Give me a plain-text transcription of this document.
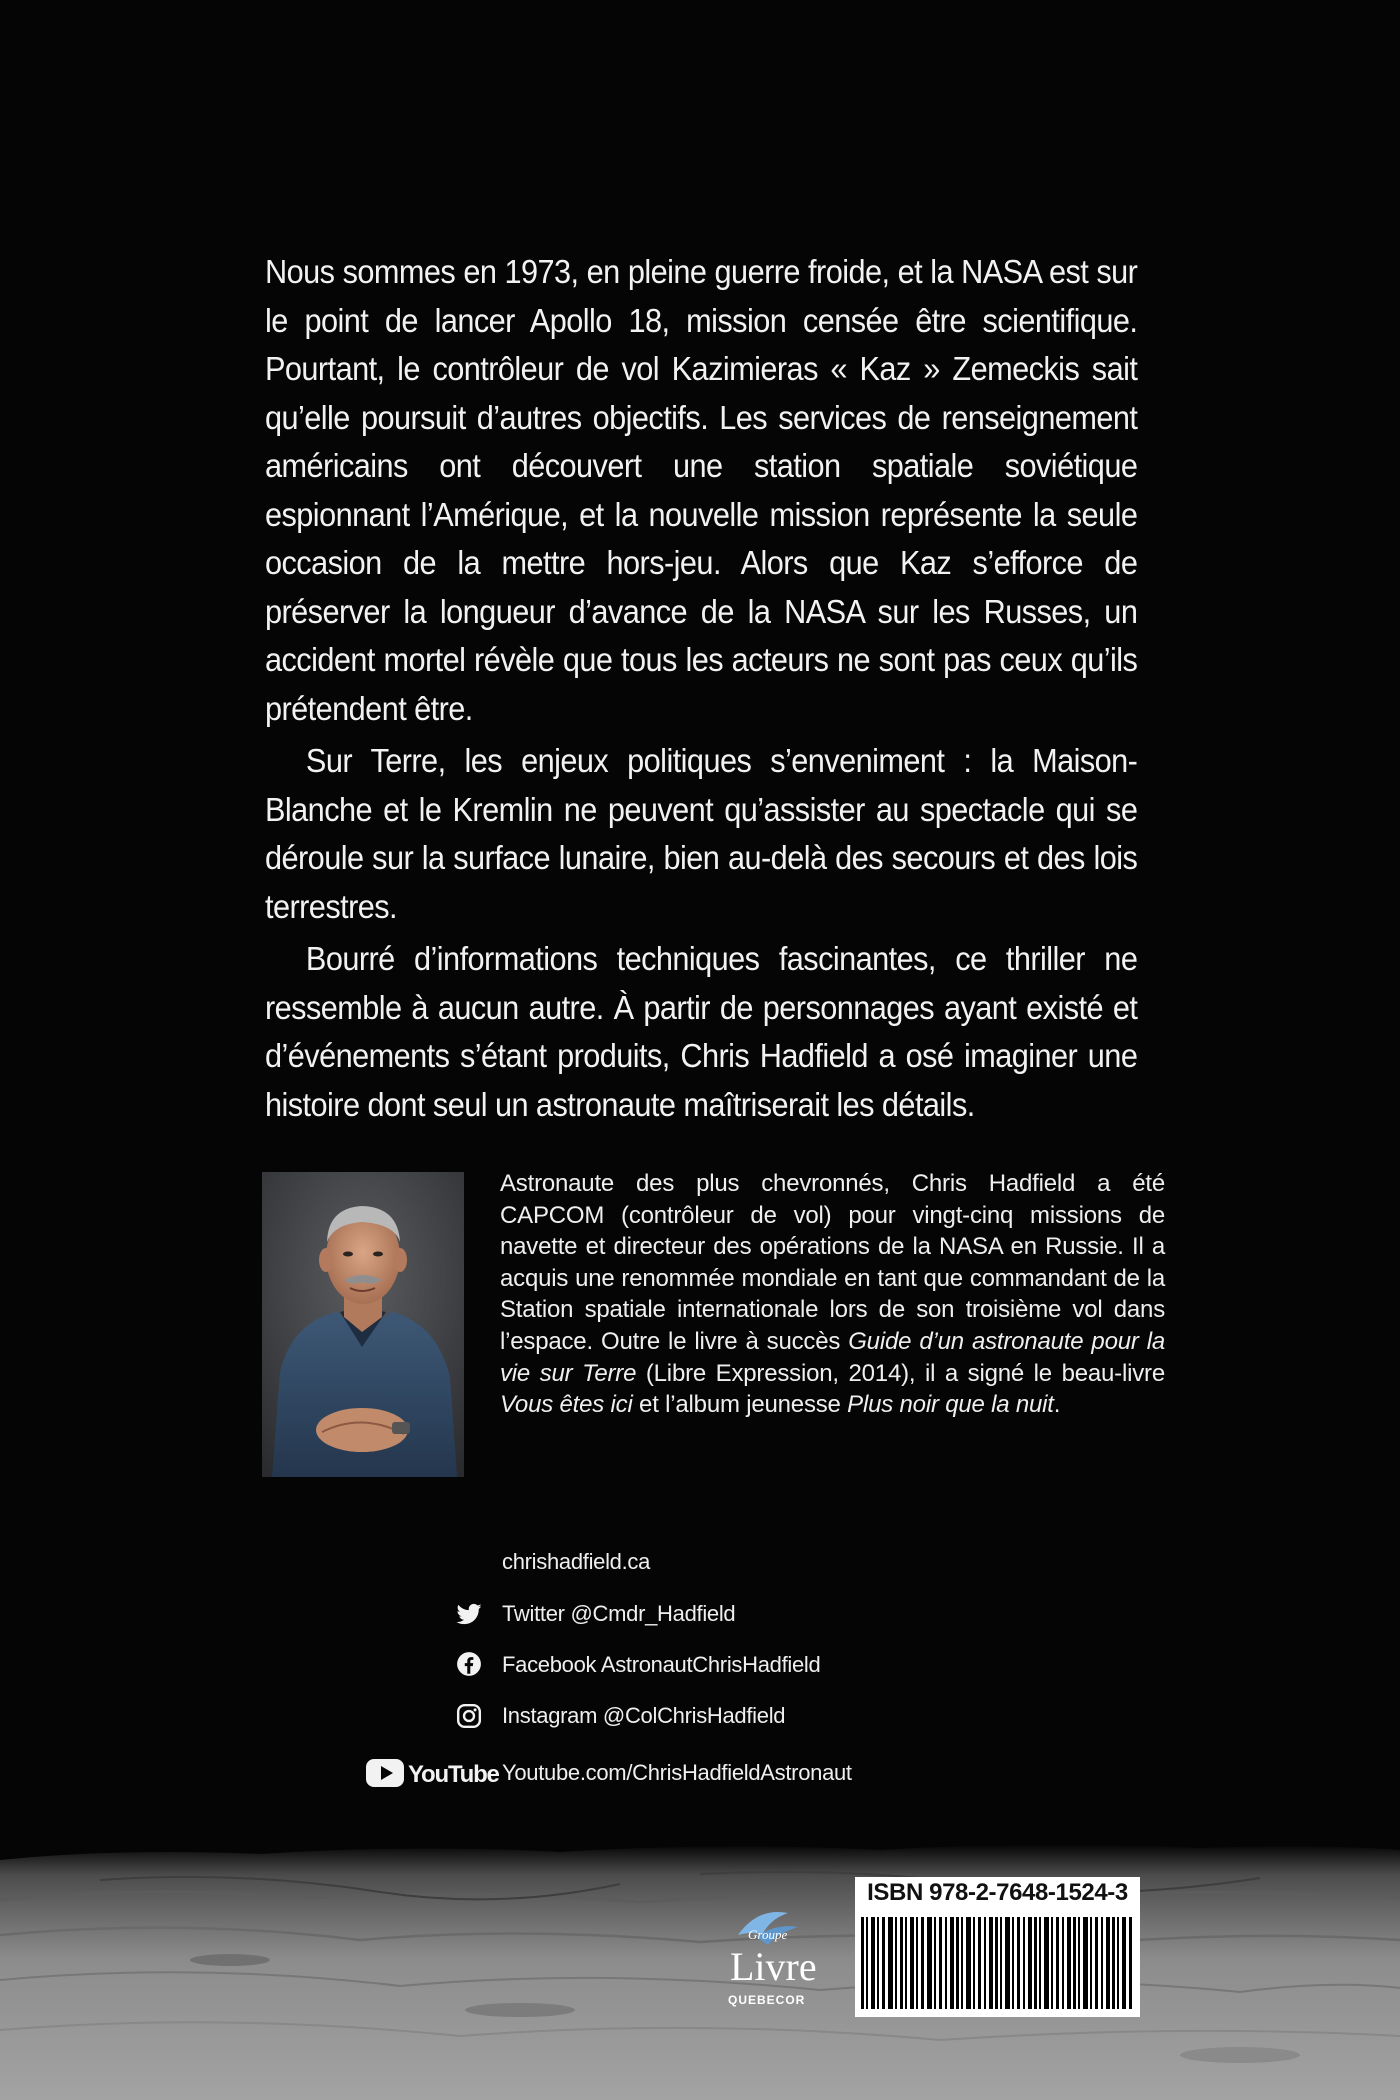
Nous sommes en 1973, en pleine guerre froide, et la NASA est sur le point de lancer Apollo 18, mission censée être scientifique. Pourtant, le contrôleur de vol Kazimieras « Kaz » Zemeckis sait qu’elle poursuit d’autres objectifs. Les services de renseignement américains ont découvert une station spatiale soviétique espionnant l’Amérique, et la nouvelle mission représente la seule occasion de la mettre hors-jeu. Alors que Kaz s’efforce de préserver la longueur d’avance de la NASA sur les Russes, un accident mortel révèle que tous les acteurs ne sont pas ceux qu’ils prétendent être.

Sur Terre, les enjeux politiques s’enveniment : la Maison-Blanche et le Kremlin ne peuvent qu’assister au spectacle qui se déroule sur la surface lunaire, bien au-delà des secours et des lois terrestres.

Bourré d’informations techniques fascinantes, ce thriller ne ressemble à aucun autre. À partir de personnages ayant existé et d’événements s’étant produits, Chris Hadfield a osé imaginer une histoire dont seul un astronaute maîtriserait les détails.

Astronaute des plus chevronnés, Chris Hadfield a été CAPCOM (contrôleur de vol) pour vingt-cinq missions de navette et directeur des opérations de la NASA en Russie. Il a acquis une renommée mondiale en tant que commandant de la Station spatiale internationale lors de son troisième vol dans l’espace. Outre le livre à succès Guide d’un astronaute pour la vie sur Terre (Libre Expression, 2014), il a signé le beau-livre Vous êtes ici et l’album jeunesse Plus noir que la nuit.
chrishadfield.ca
Twitter @Cmdr_Hadfield
Facebook AstronautChrisHadfield
Instagram @ColChrisHadfield
YouTube Youtube.com/ChrisHadfieldAstronaut
Groupe
Livre
QUEBECOR
ISBN 978-2-7648-1524-3
